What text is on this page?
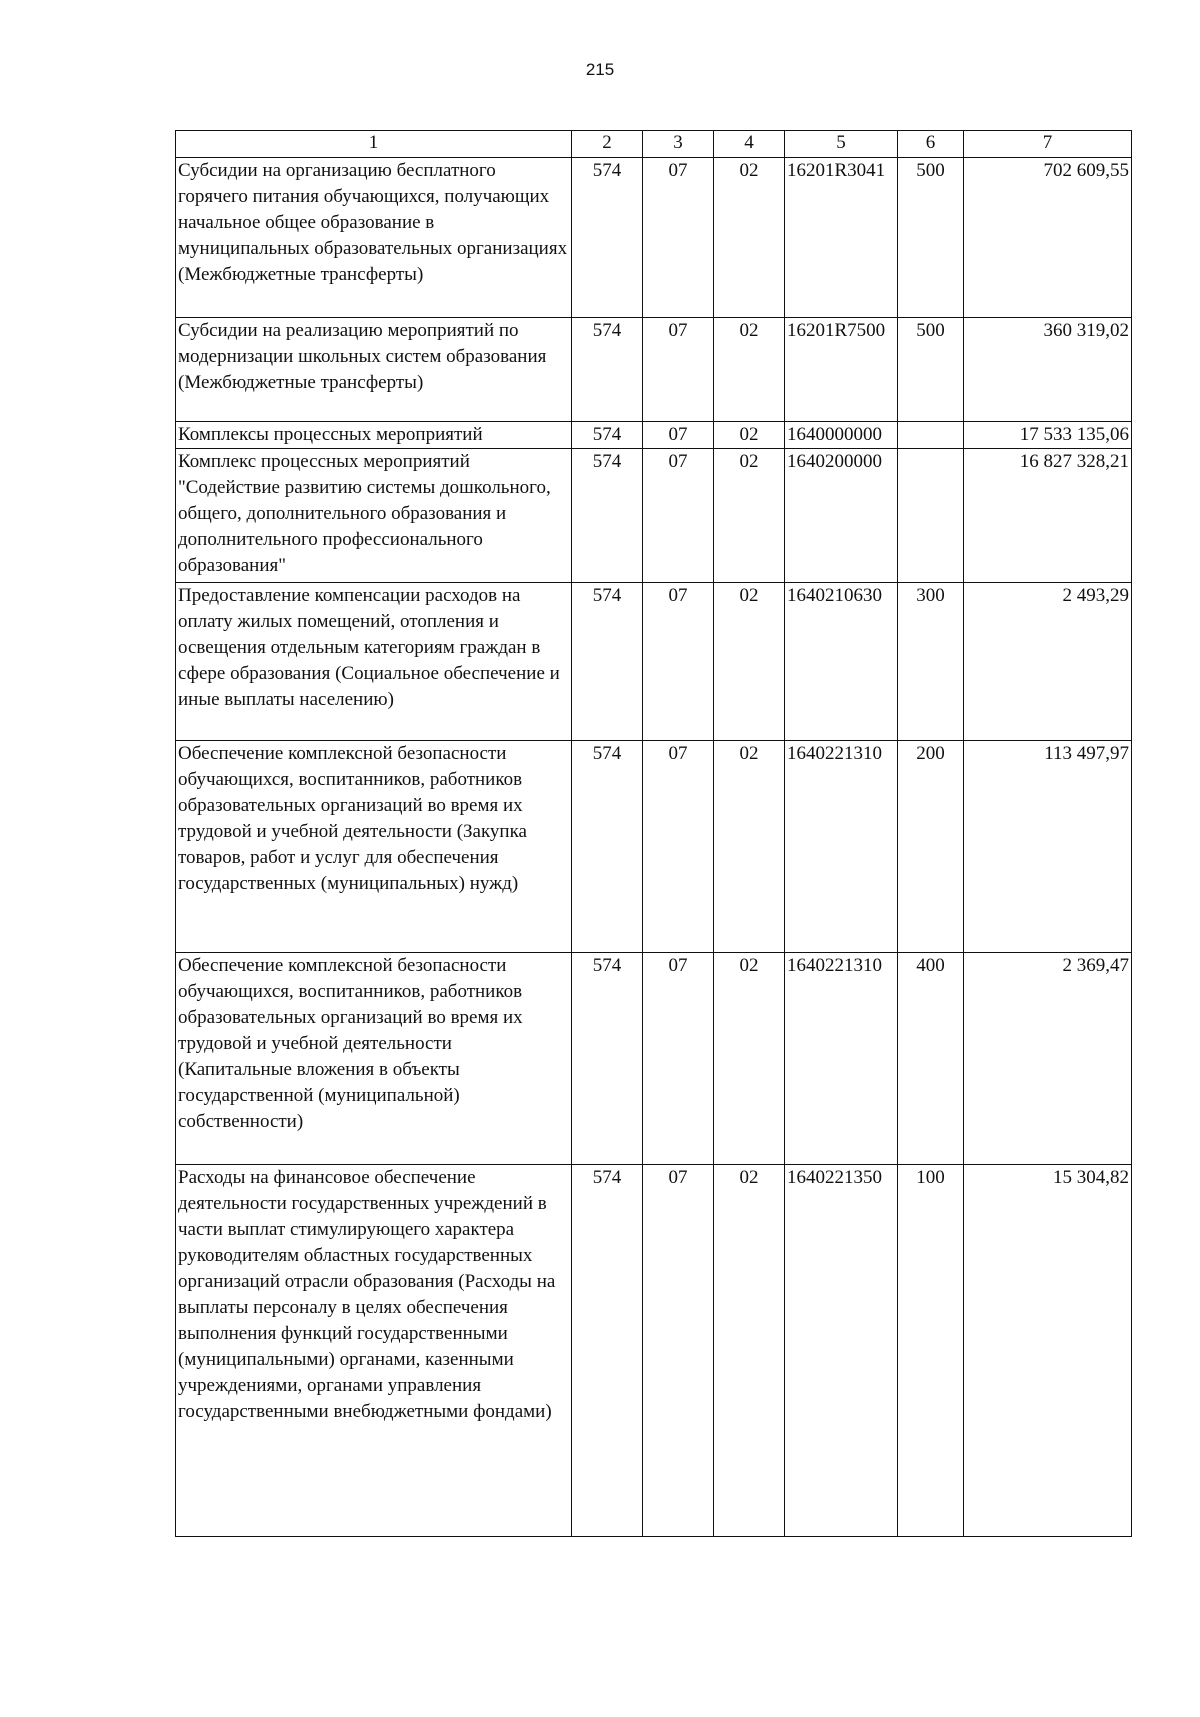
215
1	2	3	4	5	6	7
Субсидии на организацию бесплатного горячего питания обучающихся, получающих начальное общее образование в муниципальных образовательных организациях (Межбюджетные трансферты)	574	07	02	16201R3041	500	702 609,55
Субсидии на реализацию мероприятий по модернизации школьных систем образования (Межбюджетные трансферты)	574	07	02	16201R7500	500	360 319,02
Комплексы процессных мероприятий	574	07	02	1640000000		17 533 135,06
Комплекс процессных мероприятий "Содействие развитию системы дошкольного, общего, дополнительного образования и дополнительного профессионального образования"	574	07	02	1640200000		16 827 328,21
Предоставление компенсации расходов на оплату жилых помещений, отопления и освещения отдельным категориям граждан в сфере образования (Социальное обеспечение и иные выплаты населению)	574	07	02	1640210630	300	2 493,29
Обеспечение комплексной безопасности обучающихся, воспитанников, работников образовательных организаций во время их трудовой и учебной деятельности (Закупка товаров, работ и услуг для обеспечения государственных (муниципальных) нужд)	574	07	02	1640221310	200	113 497,97
Обеспечение комплексной безопасности обучающихся, воспитанников, работников образовательных организаций во время их трудовой и учебной деятельности (Капитальные вложения в объекты государственной (муниципальной) собственности)	574	07	02	1640221310	400	2 369,47
Расходы на финансовое обеспечение деятельности государственных учреждений в части выплат стимулирующего характера руководителям областных государственных организаций отрасли образования (Расходы на выплаты персоналу в целях обеспечения выполнения функций государственными (муниципальными) органами, казенными учреждениями, органами управления государственными внебюджетными фондами)	574	07	02	1640221350	100	15 304,82
